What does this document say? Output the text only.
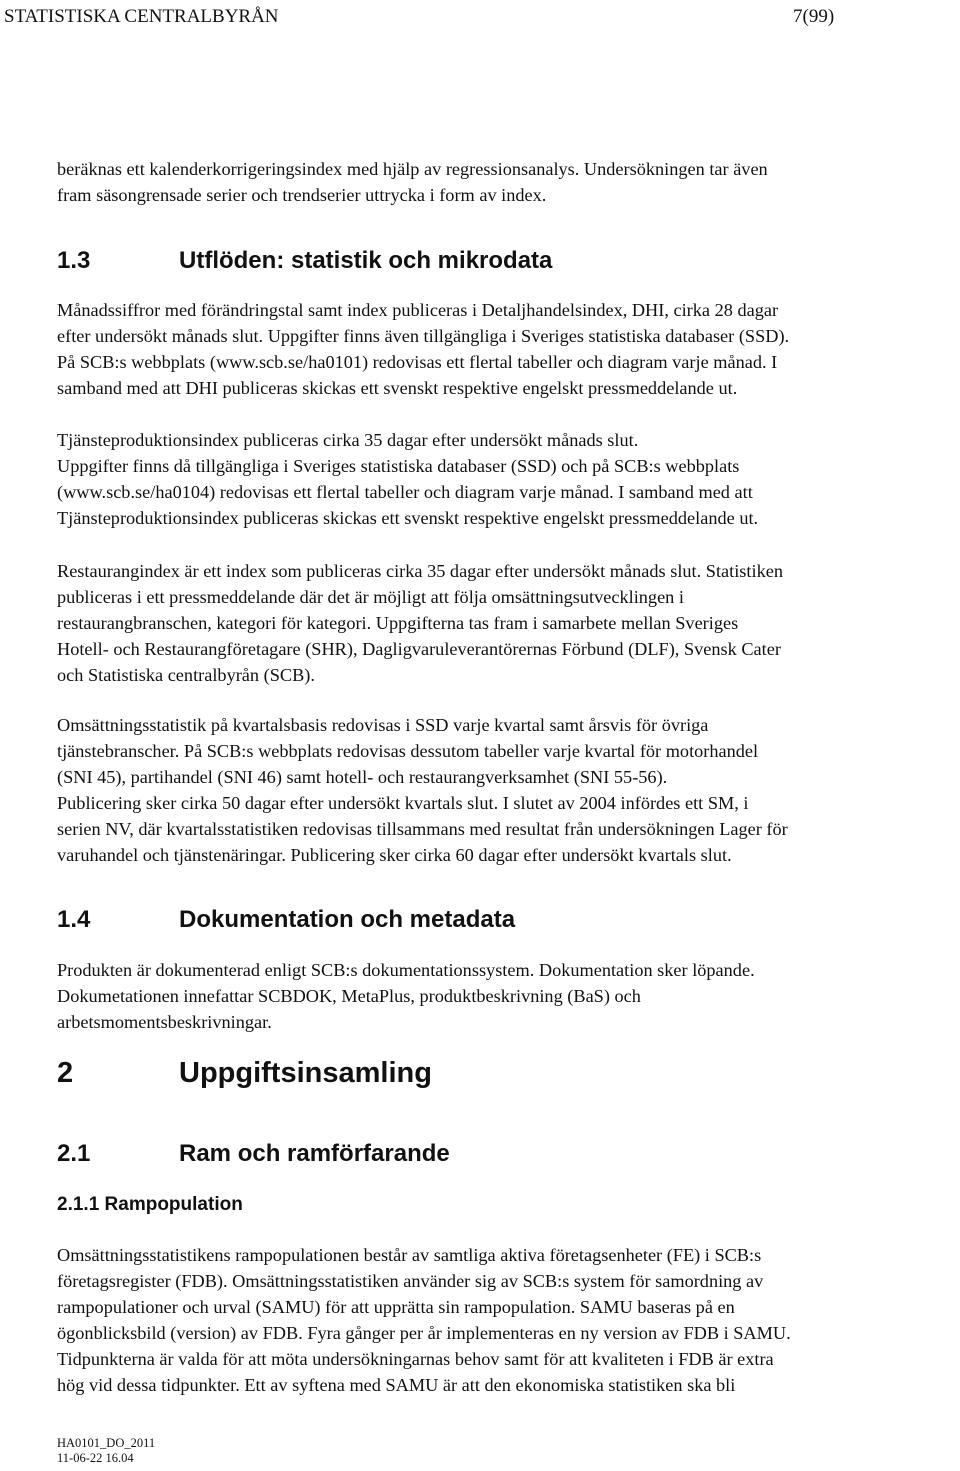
STATISTISKA CENTRALBYRÅN	7(99)

beräknas ett kalenderkorrigeringsindex med hjälp av regressionsanalys. Undersökningen tar även
fram säsongrensade serier och trendserier uttrycka i form av index.

1.3	Utflöden: statistik och mikrodata

Månadssiffror med förändringstal samt index publiceras i Detaljhandelsindex, DHI, cirka 28 dagar
efter undersökt månads slut. Uppgifter finns även tillgängliga i Sveriges statistiska databaser (SSD).
På SCB:s webbplats (www.scb.se/ha0101) redovisas ett flertal tabeller och diagram varje månad. I
samband med att DHI publiceras skickas ett svenskt respektive engelskt pressmeddelande ut.

Tjänsteproduktionsindex publiceras cirka 35 dagar efter undersökt månads slut.
Uppgifter finns då tillgängliga i Sveriges statistiska databaser (SSD) och på SCB:s webbplats
(www.scb.se/ha0104) redovisas ett flertal tabeller och diagram varje månad. I samband med att
Tjänsteproduktionsindex publiceras skickas ett svenskt respektive engelskt pressmeddelande ut.

Restaurangindex är ett index som publiceras cirka 35 dagar efter undersökt månads slut. Statistiken
publiceras i ett pressmeddelande där det är möjligt att följa omsättningsutvecklingen i
restaurangbranschen, kategori för kategori. Uppgifterna tas fram i samarbete mellan Sveriges
Hotell- och Restaurangföretagare (SHR), Dagligvaruleverantörernas Förbund (DLF), Svensk Cater
och Statistiska centralbyrån (SCB).

Omsättningsstatistik på kvartalsbasis redovisas i SSD varje kvartal samt årsvis för övriga
tjänstebranscher. På SCB:s webbplats redovisas dessutom tabeller varje kvartal för motorhandel
(SNI 45), partihandel (SNI 46) samt hotell- och restaurangverksamhet (SNI 55-56).
Publicering sker cirka 50 dagar efter undersökt kvartals slut. I slutet av 2004 infördes ett SM, i
serien NV, där kvartalsstatistiken redovisas tillsammans med resultat från undersökningen Lager för
varuhandel och tjänstenäringar. Publicering sker cirka 60 dagar efter undersökt kvartals slut.

1.4	Dokumentation och metadata

Produkten är dokumenterad enligt SCB:s dokumentationssystem. Dokumentation sker löpande.
Dokumetationen innefattar SCBDOK, MetaPlus, produktbeskrivning (BaS) och
arbetsmomentsbeskrivningar.

2	Uppgiftsinsamling
2.1	Ram och ramförfarande
2.1.1 Rampopulation

Omsättningsstatistikens rampopulationen består av samtliga aktiva företagsenheter (FE) i SCB:s
företagsregister (FDB). Omsättningsstatistiken använder sig av SCB:s system för samordning av
rampopulationer och urval (SAMU) för att upprätta sin rampopulation. SAMU baseras på en
ögonblicksbild (version) av FDB. Fyra gånger per år implementeras en ny version av FDB i SAMU.
Tidpunkterna är valda för att möta undersökningarnas behov samt för att kvaliteten i FDB är extra
hög vid dessa tidpunkter. Ett av syftena med SAMU är att den ekonomiska statistiken ska bli

HA0101_DO_2011
11-06-22 16.04
